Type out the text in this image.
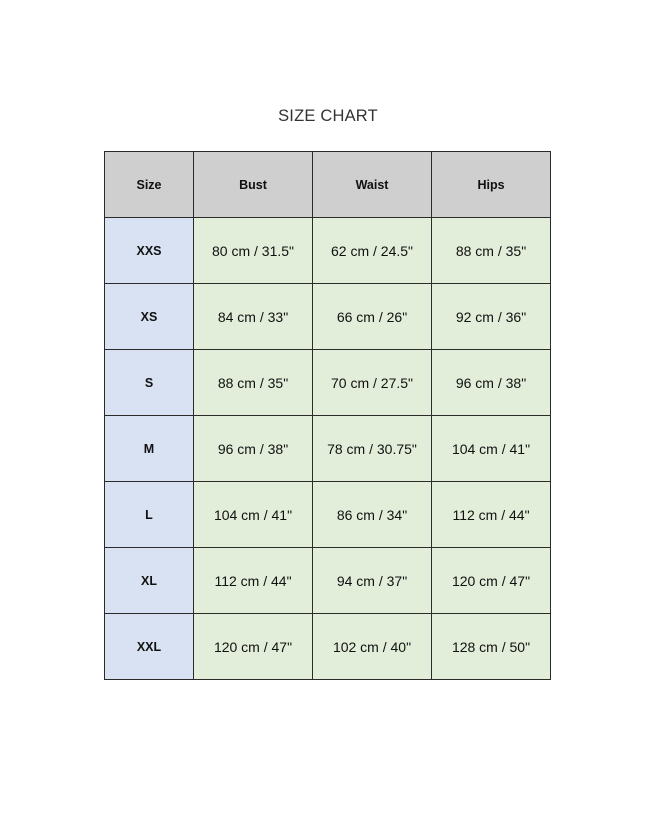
SIZE CHART
Size	Bust	Waist	Hips
XXS	80 cm / 31.5"	62 cm / 24.5"	88 cm / 35"
XS	84 cm / 33"	66 cm / 26"	92 cm / 36"
S	88 cm / 35"	70 cm / 27.5"	96 cm / 38"
M	96 cm / 38"	78 cm / 30.75"	104 cm / 41"
L	104 cm / 41"	86 cm / 34"	112 cm / 44"
XL	112 cm / 44"	94 cm / 37"	120 cm / 47"
XXL	120 cm / 47"	102 cm / 40"	128 cm / 50"
